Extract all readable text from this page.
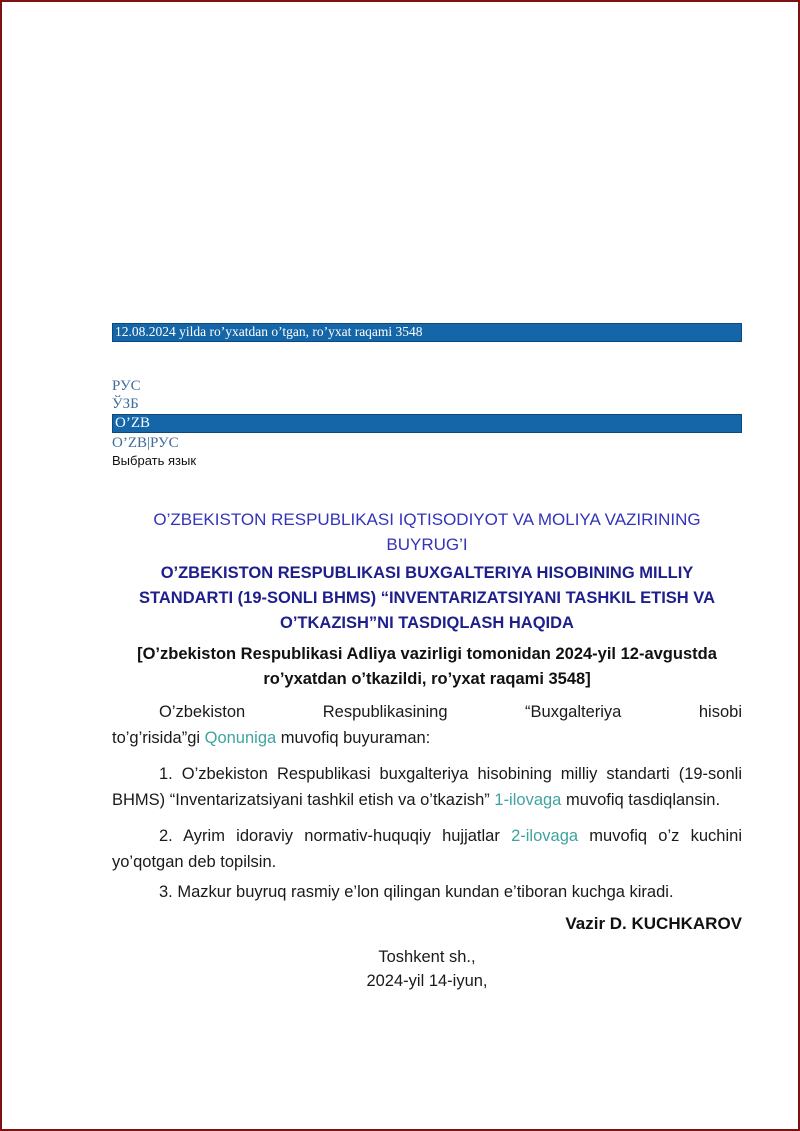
12.08.2024 yilda ro’yxatdan o’tgan, ro’yxat raqami 3548
РУС
ЎЗБ
O’ZB
O’ZB|РУС
Выбрать язык
O’ZBEKISTON RESPUBLIKASI IQTISODIYOT VA MOLIYA VAZIRINING BUYRUG’I
O’ZBEKISTON RESPUBLIKASI BUXGALTERIYA HISOBINING MILLIY STANDARTI (19-SONLI BHMS) “INVENTARIZATSIYANI TASHKIL ETISH VA O’TKAZISH”NI TASDIQLASH HAQIDA
[O’zbekiston Respublikasi Adliya vazirligi tomonidan 2024-yil 12-avgustda ro’yxatdan o’tkazildi, ro’yxat raqami 3548]

O’zbekiston Respublikasining “Buxgalteriya hisobi
to’g’risida”gi Qonuniga muvofiq buyuraman:

1. O’zbekiston Respublikasi buxgalteriya hisobining milliy standarti (19-sonli BHMS) “Inventarizatsiyani tashkil etish va o’tkazish” 1-ilovaga muvofiq tasdiqlansin.

2. Ayrim idoraviy normativ-huquqiy hujjatlar 2-ilovaga muvofiq o’z kuchini yo’qotgan deb topilsin.

3. Mazkur buyruq rasmiy e’lon qilingan kundan e’tiboran kuchga kiradi.

Vazir D. KUCHKAROV
Toshkent sh.,
2024-yil 14-iyun,
